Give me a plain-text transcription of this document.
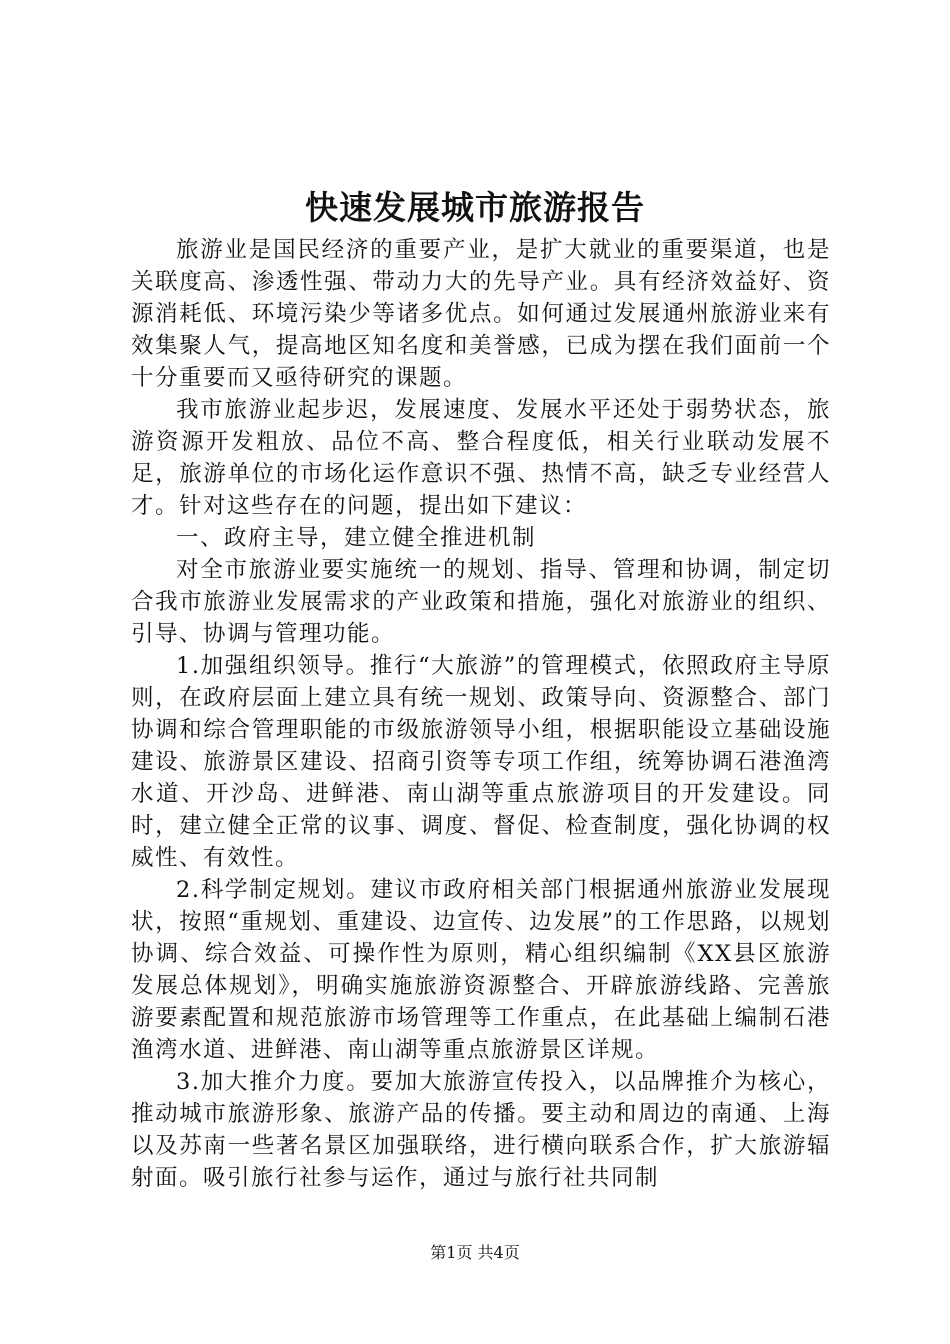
快速发展城市旅游报告

旅游业是国民经济的重要产业，是扩大就业的重要渠道，也是关联度高、渗透性强、带动力大的先导产业。具有经济效益好、资源消耗低、环境污染少等诸多优点。如何通过发展通州旅游业来有效集聚人气，提高地区知名度和美誉感，已成为摆在我们面前一个十分重要而又亟待研究的课题。

我市旅游业起步迟，发展速度、发展水平还处于弱势状态，旅游资源开发粗放、品位不高、整合程度低，相关行业联动发展不足，旅游单位的市场化运作意识不强、热情不高，缺乏专业经营人才。针对这些存在的问题，提出如下建议：

一、政府主导，建立健全推进机制

对全市旅游业要实施统一的规划、指导、管理和协调，制定切合我市旅游业发展需求的产业政策和措施，强化对旅游业的组织、引导、协调与管理功能。

1.加强组织领导。推行“大旅游”的管理模式，依照政府主导原则，在政府层面上建立具有统一规划、政策导向、资源整合、部门协调和综合管理职能的市级旅游领导小组，根据职能设立基础设施建设、旅游景区建设、招商引资等专项工作组，统筹协调石港渔湾水道、开沙岛、进鲜港、南山湖等重点旅游项目的开发建设。同时，建立健全正常的议事、调度、督促、检查制度，强化协调的权威性、有效性。

2.科学制定规划。建议市政府相关部门根据通州旅游业发展现状，按照“重规划、重建设、边宣传、边发展”的工作思路，以规划协调、综合效益、可操作性为原则，精心组织编制《XX县区旅游发展总体规划》，明确实施旅游资源整合、开辟旅游线路、完善旅游要素配置和规范旅游市场管理等工作重点，在此基础上编制石港渔湾水道、进鲜港、南山湖等重点旅游景区详规。

3.加大推介力度。要加大旅游宣传投入，以品牌推介为核心，推动城市旅游形象、旅游产品的传播。要主动和周边的南通、上海以及苏南一些著名景区加强联络，进行横向联系合作，扩大旅游辐射面。吸引旅行社参与运作，通过与旅行社共同制

第1页 共4页
